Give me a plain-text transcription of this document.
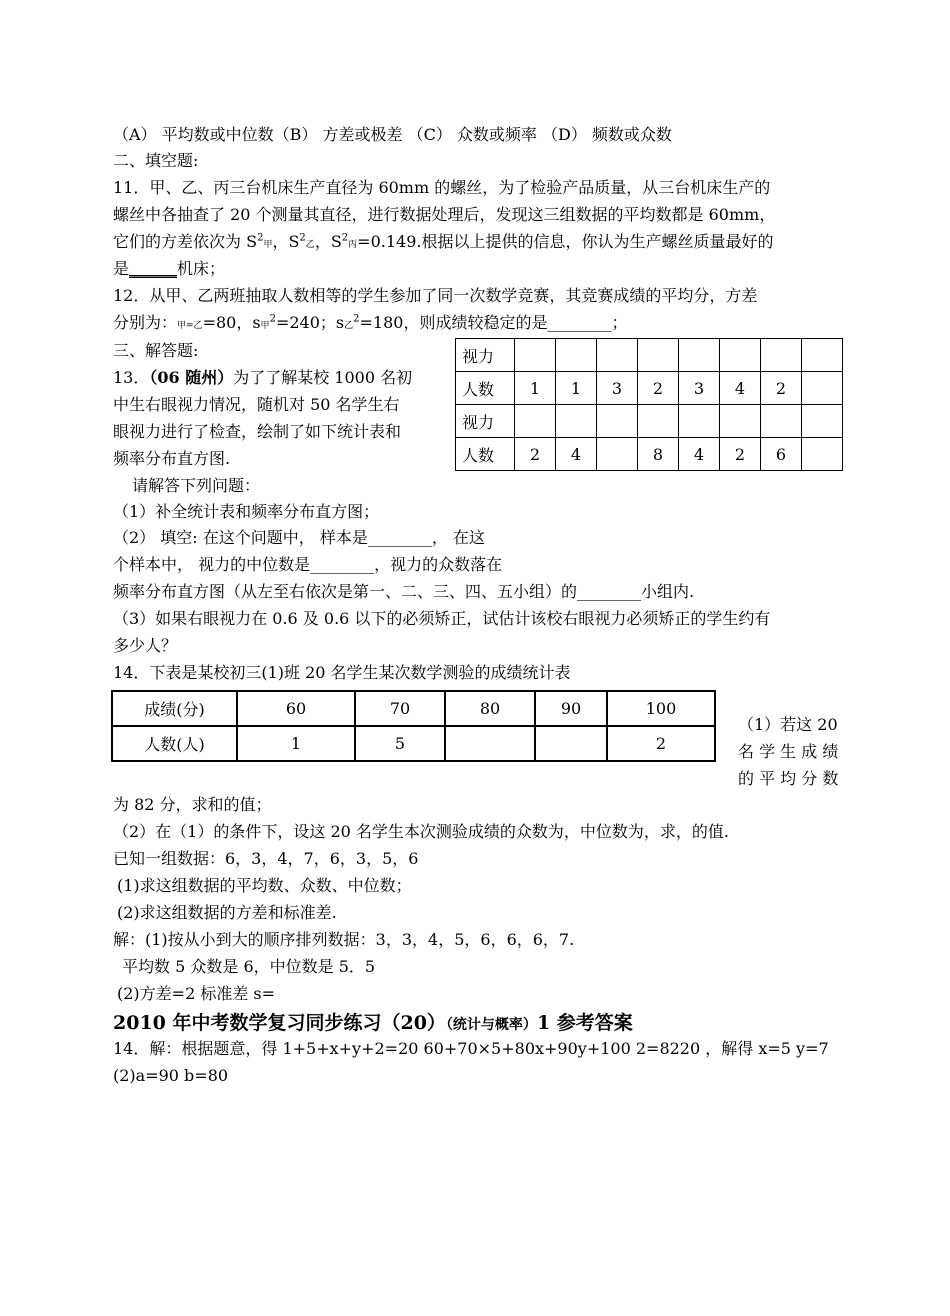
（A） 平均数或中位数（B） 方差或极差 （C） 众数或频率 （D） 频数或众数
二、填空题:
11．甲、乙、丙三台机床生产直径为 60mm 的螺丝，为了检验产品质量，从三台机床生产的
螺丝中各抽查了 20 个测量其直径，进行数据处理后，发现这三组数据的平均数都是 60mm，
它们的方差依次为 $S^2$甲，$S^2$乙，$S^2$丙=0.149.根据以上提供的信息，你认为生产螺丝质量最好的
是______机床；
12．从甲、乙两班抽取人数相等的学生参加了同一次数学竞赛，其竞赛成绩的平均分，方差
分别为：甲=乙=80，s甲$^2$=240；s乙$^2$=180，则成绩较稳定的是________；
三、解答题:
13．（06 随州）为了了解某校 1000 名初
中生右眼视力情况，随机对 50 名学生右
眼视力进行了检查，绘制了如下统计表和
频率分布直方图.
请解答下列问题：
（1）补全统计表和频率分布直方图；
（2） 填空: 在这个问题中， 样本是________， 在这
个样本中， 视力的中位数是________，视力的众数落在
频率分布直方图（从左至右依次是第一、二、三、四、五小组）的________小组内.
（3）如果右眼视力在 0.6 及 0.6 以下的必须矫正，试估计该校右眼视力必须矫正的学生约有
多少人？
14．下表是某校初三(1)班 20 名学生某次数学测验的成绩统计表
视力								
人数	1	1	3	2	3	4	2	
视力								
人数	2	4		8	4	2	6	
成绩(分)	60	70	80	90	100
人数(人)	1	5			2
（1）若这 20
名 学 生 成 绩
的 平 均 分 数
为 82 分，求和的值；
（2）在（1）的条件下，设这 20 名学生本次测验成绩的众数为，中位数为，求，的值.
已知一组数据：6，3，4，7，6，3，5，6
(1)求这组数据的平均数、众数、中位数；
(2)求这组数据的方差和标准差.
解：(1)按从小到大的顺序排列数据：3，3，4，5，6，6，6，7.
平均数 5 众数是 6，中位数是 5．5
(2)方差=2 标准差 s=
2010 年中考数学复习同步练习（20）（统计与概率）1 参考答案
14．解：根据题意，得 1+5+x+y+2=20 60+70×5+80x+90y+100 2=8220 ，解得 x=5 y=7
(2)a=90 b=80
